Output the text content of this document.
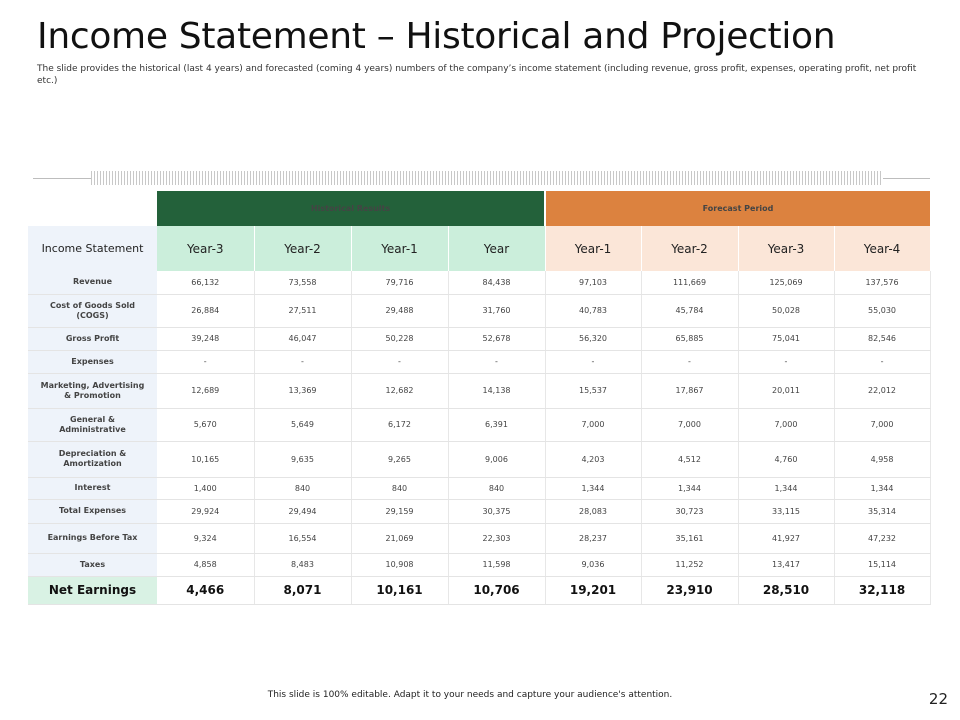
Income Statement – Historical and Projection

The slide provides the historical (last 4 years) and forecasted (coming 4 years) numbers of the company’s income statement (including revenue, gross profit, expenses, operating profit, net profit etc.)

	Historical Results				Forecast Period			
Income Statement	Year-3	Year-2	Year-1	Year	Year-1	Year-2	Year-3	Year-4
Revenue	66,132	73,558	79,716	84,438	97,103	111,669	125,069	137,576
Cost of Goods Sold (COGS)	26,884	27,511	29,488	31,760	40,783	45,784	50,028	55,030
Gross Profit	39,248	46,047	50,228	52,678	56,320	65,885	75,041	82,546
Expenses	-	-	-	-	-	-	-	-
Marketing, Advertising & Promotion	12,689	13,369	12,682	14,138	15,537	17,867	20,011	22,012
General & Administrative	5,670	5,649	6,172	6,391	7,000	7,000	7,000	7,000
Depreciation & Amortization	10,165	9,635	9,265	9,006	4,203	4,512	4,760	4,958
Interest	1,400	840	840	840	1,344	1,344	1,344	1,344
Total Expenses	29,924	29,494	29,159	30,375	28,083	30,723	33,115	35,314
Earnings Before Tax	9,324	16,554	21,069	22,303	28,237	35,161	41,927	47,232
Taxes	4,858	8,483	10,908	11,598	9,036	11,252	13,417	15,114
Net Earnings	4,466	8,071	10,161	10,706	19,201	23,910	28,510	32,118
This slide is 100% editable. Adapt it to your needs and capture your audience's attention.	22
